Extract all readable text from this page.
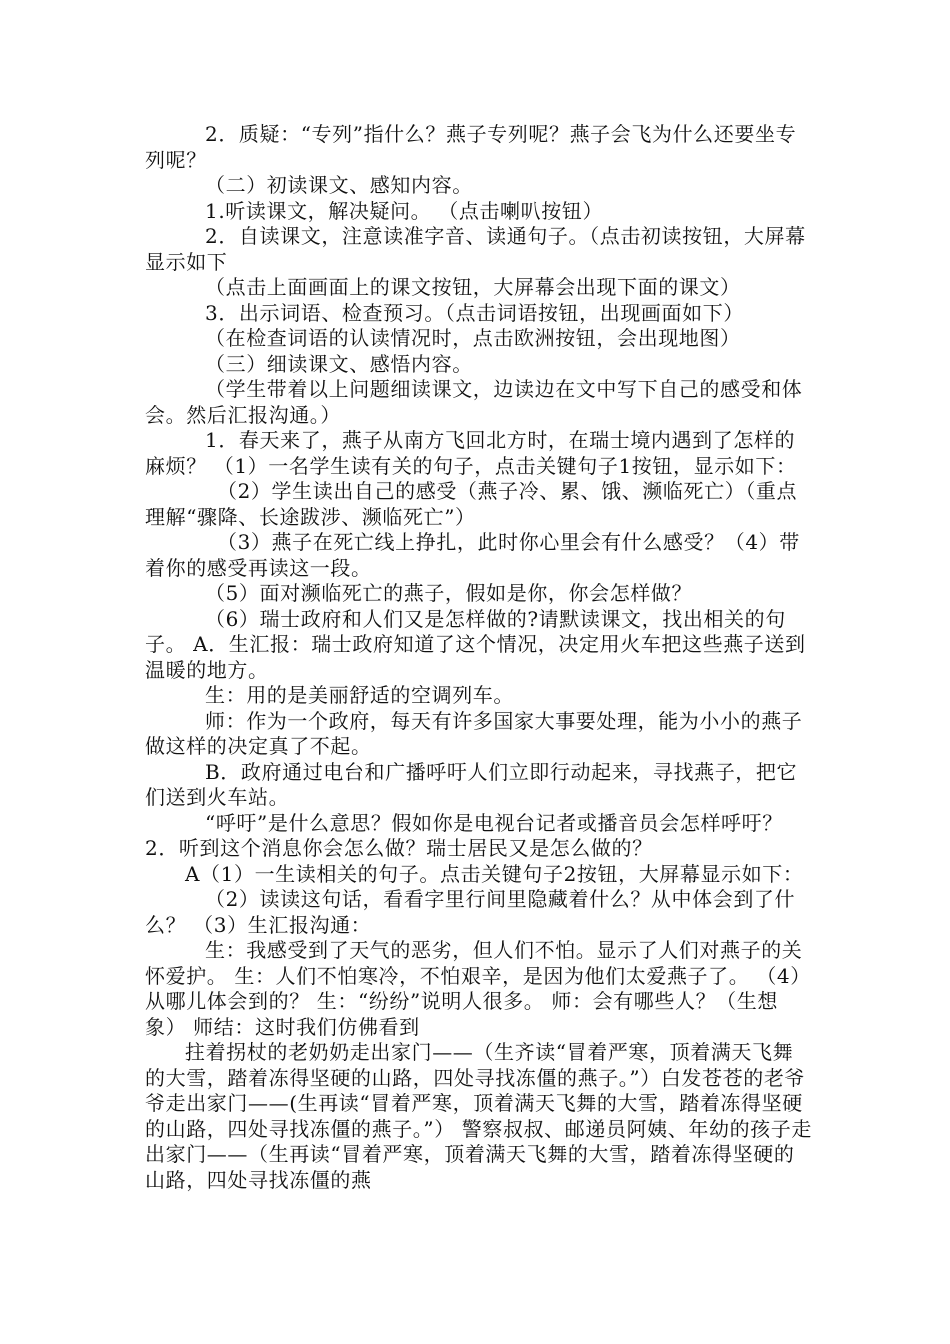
2．质疑：“专列”指什么？燕子专列呢？燕子会飞为什么还要坐专列呢？

（二）初读课文、感知内容。

1.听读课文，解决疑问。 （点击喇叭按钮）

2．自读课文，注意读准字音、读通句子。（点击初读按钮，大屏幕显示如下

（点击上面画面上的课文按钮，大屏幕会出现下面的课文）

3．出示词语、检查预习。（点击词语按钮，出现画面如下）

（在检查词语的认读情况时，点击欧洲按钮，会出现地图）

（三）细读课文、感悟内容。

（学生带着以上问题细读课文，边读边在文中写下自己的感受和体会。然后汇报沟通。）

1．春天来了，燕子从南方飞回北方时，在瑞士境内遇到了怎样的麻烦？ （1）一名学生读有关的句子，点击关键句子1按钮，显示如下：

（2）学生读出自己的感受（燕子冷、累、饿、濒临死亡）（重点理解“骤降、长途跋涉、濒临死亡”）

（3）燕子在死亡线上挣扎，此时你心里会有什么感受？（4）带着你的感受再读这一段。

（5）面对濒临死亡的燕子，假如是你，你会怎样做？

（6）瑞士政府和人们又是怎样做的?请默读课文，找出相关的句子。 A．生汇报：瑞士政府知道了这个情况，决定用火车把这些燕子送到温暖的地方。

生：用的是美丽舒适的空调列车。

师：作为一个政府，每天有许多国家大事要处理，能为小小的燕子做这样的决定真了不起。

B．政府通过电台和广播呼吁人们立即行动起来，寻找燕子，把它们送到火车站。

“呼吁”是什么意思？假如你是电视台记者或播音员会怎样呼吁？ 2．听到这个消息你会怎么做？瑞士居民又是怎么做的？

A（1）一生读相关的句子。点击关键句子2按钮，大屏幕显示如下：

（2）读读这句话，看看字里行间里隐藏着什么？从中体会到了什么？ （3）生汇报沟通：

生：我感受到了天气的恶劣，但人们不怕。显示了人们对燕子的关怀爱护。 生：人们不怕寒冷，不怕艰辛，是因为他们太爱燕子了。 （4）从哪儿体会到的？ 生：“纷纷”说明人很多。 师：会有哪些人？（生想象） 师结：这时我们仿佛看到

拄着拐杖的老奶奶走出家门——（生齐读“冒着严寒，顶着满天飞舞的大雪，踏着冻得坚硬的山路，四处寻找冻僵的燕子。”）白发苍苍的老爷爷走出家门——(生再读“冒着严寒，顶着满天飞舞的大雪，踏着冻得坚硬的山路，四处寻找冻僵的燕子。”） 警察叔叔、邮递员阿姨、年幼的孩子走出家门——（生再读“冒着严寒，顶着满天飞舞的大雪，踏着冻得坚硬的山路，四处寻找冻僵的燕
